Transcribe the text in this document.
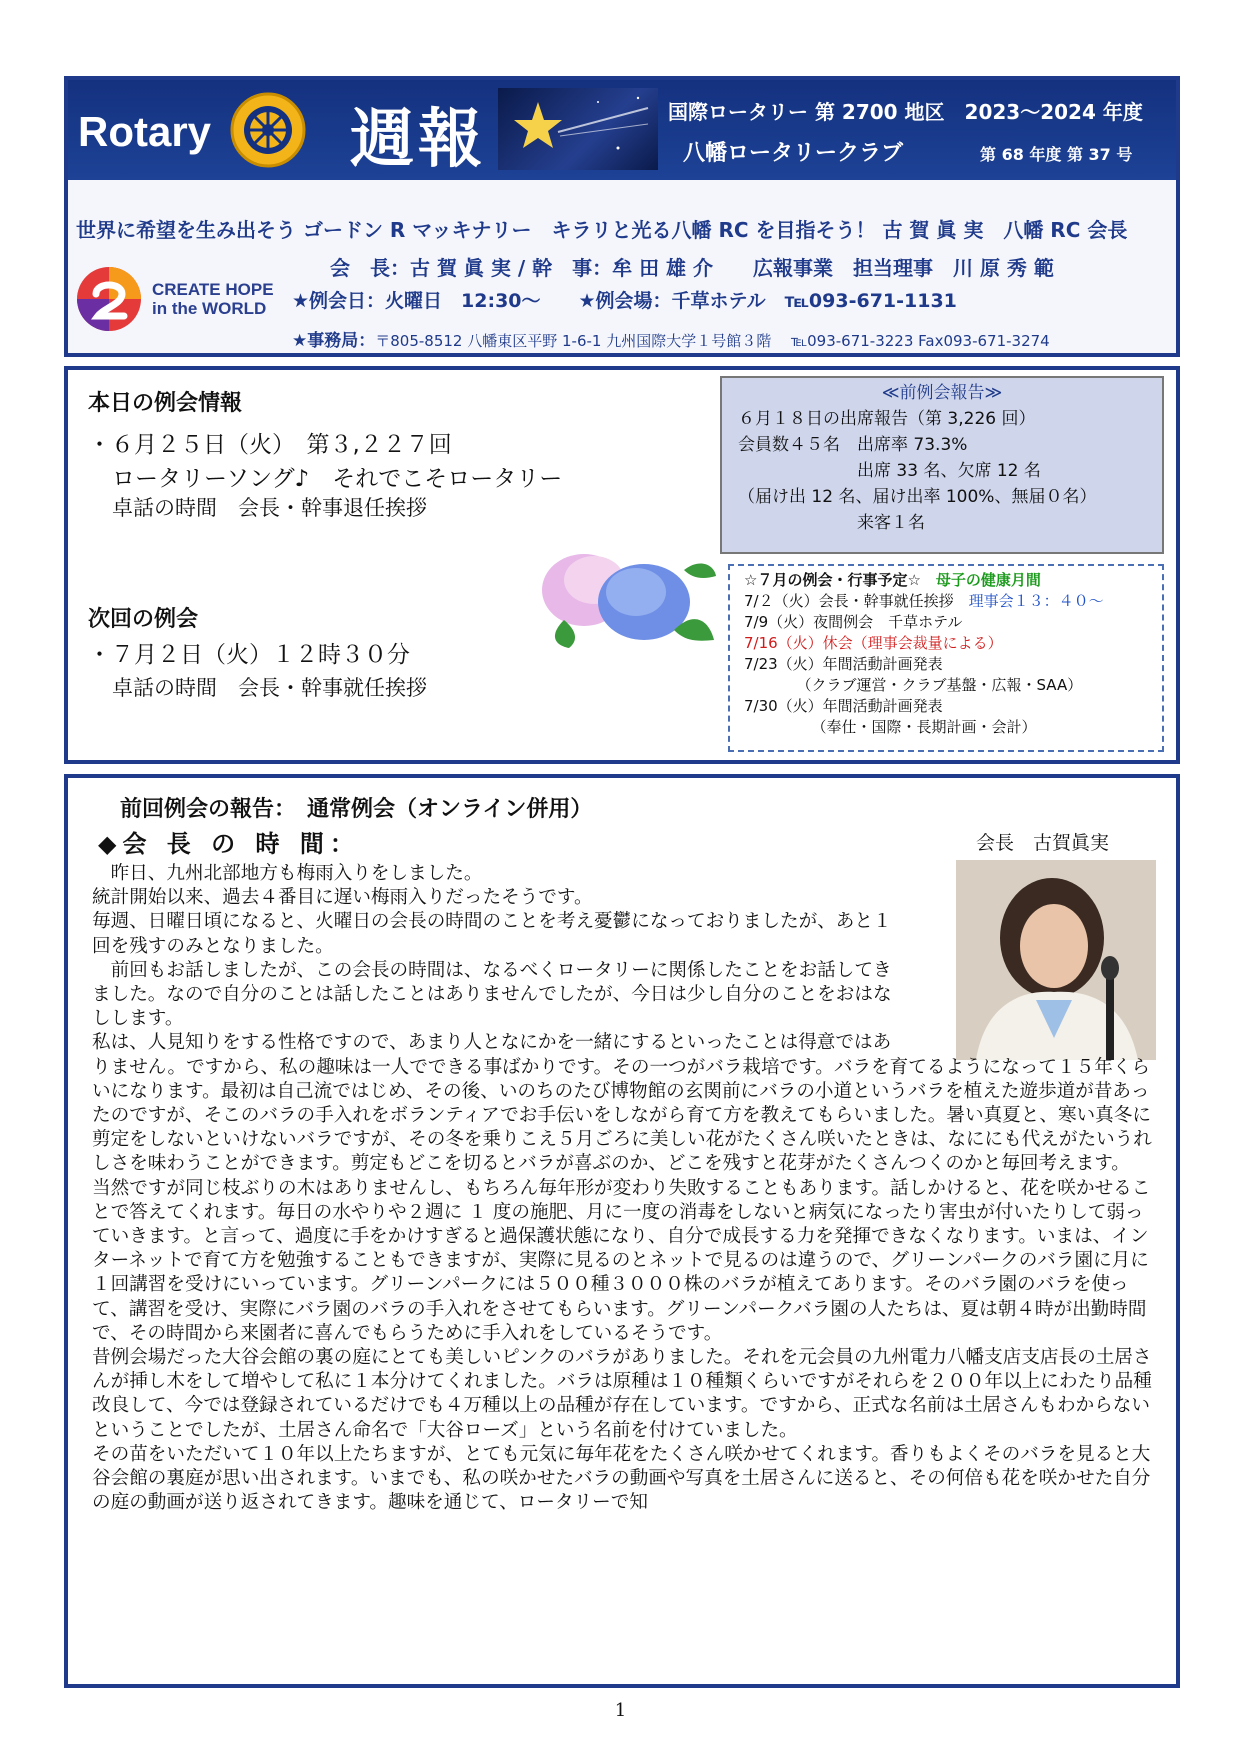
Rotary 週報	国際ロータリー 第 2700 地区　2023〜2024 年度
八幡ロータリークラブ	第 68 年度 第 37 号
世界に希望を生み出そう ゴードン R マッキナリー　キラリと光る八幡 RC を目指そう！ 古 賀 眞 実　八幡 RC 会長
CREATE HOPE
in the WORLD
会　長：古 賀 眞 実 / 幹　事：牟 田 雄 介　　広報事業　担当理事　川 原 秀 範
★例会日：火曜日　12:30〜　　★例会場：千草ホテル　℡093-671-1131
★事務局：〒805-8512 八幡東区平野 1-6-1 九州国際大学１号館３階　 ℡093-671-3223 Fax093-671-3274
本日の例会情報
・６月２５日（火）　第３,２２７回
ロータリーソング♪　それでこそロータリー
卓話の時間　会長・幹事退任挨拶
次回の例会
・７月２日（火）１２時３０分
卓話の時間　会長・幹事就任挨拶
≪前例会報告≫
６月１８日の出席報告（第 3,226 回）
会員数４５名　出席率 73.3%
　　　　　　　出席 33 名、欠席 12 名
（届け出 12 名、届け出率 100%、無届０名）
　　　　　　　来客１名
☆７月の例会・行事予定☆　 母子の健康月間
7/２（火）会長・幹事就任挨拶　 理事会１３：４０〜
7/9（火）夜間例会　千草ホテル
7/16（火）休会（理事会裁量による）
7/23（火）年間活動計画発表
　　　　（クラブ運営・クラブ基盤・広報・SAA）
7/30（火）年間活動計画発表
　　　　　（奉仕・国際・長期計画・会計）
前回例会の報告：　通常例会（オンライン併用）
◆会 長 の 時 間：	会長　古賀眞実

昨日、九州北部地方も梅雨入りをしました。

統計開始以来、過去４番目に遅い梅雨入りだったそうです。

毎週、日曜日頃になると、火曜日の会長の時間のことを考え憂鬱になっておりましたが、あと１回を残すのみとなりました。

前回もお話しましたが、この会長の時間は、なるべくロータリーに関係したことをお話してきました。なので自分のことは話したことはありませんでしたが、今日は少し自分のことをおはなしします。

私は、人見知りをする性格ですので、あまり人となにかを一緒にするといったことは得意ではありません。ですから、私の趣味は一人でできる事ばかりです。その一つがバラ栽培です。バラを育てるようになって１５年くらいになります。最初は自己流ではじめ、その後、いのちのたび博物館の玄関前にバラの小道というバラを植えた遊歩道が昔あったのですが、そこのバラの手入れをボランティアでお手伝いをしながら育て方を教えてもらいました。暑い真夏と、寒い真冬に剪定をしないといけないバラですが、その冬を乗りこえ５月ごろに美しい花がたくさん咲いたときは、なににも代えがたいうれしさを味わうことができます。剪定もどこを切るとバラが喜ぶのか、どこを残すと花芽がたくさんつくのかと毎回考えます。

当然ですが同じ枝ぶりの木はありませんし、もちろん毎年形が変わり失敗することもあります。話しかけると、花を咲かせることで答えてくれます。毎日の水やりや２週に １ 度の施肥、月に一度の消毒をしないと病気になったり害虫が付いたりして弱っていきます。と言って、過度に手をかけすぎると過保護状態になり、自分で成長する力を発揮できなくなります。いまは、インターネットで育て方を勉強することもできますが、実際に見るのとネットで見るのは違うので、グリーンパークのバラ園に月に１回講習を受けにいっています。グリーンパークには５００種３０００株のバラが植えてあります。そのバラ園のバラを使って、講習を受け、実際にバラ園のバラの手入れをさせてもらいます。グリーンパークバラ園の人たちは、夏は朝４時が出勤時間で、その時間から来園者に喜んでもらうために手入れをしているそうです。

昔例会場だった大谷会館の裏の庭にとても美しいピンクのバラがありました。それを元会員の九州電力八幡支店支店長の土居さんが挿し木をして増やして私に１本分けてくれました。バラは原種は１０種類くらいですがそれらを２００年以上にわたり品種改良して、今では登録されているだけでも４万種以上の品種が存在しています。ですから、正式な名前は土居さんもわからないということでしたが、土居さん命名で「大谷ローズ」という名前を付けていました。

その苗をいただいて１０年以上たちますが、とても元気に毎年花をたくさん咲かせてくれます。香りもよくそのバラを見ると大谷会館の裏庭が思い出されます。いまでも、私の咲かせたバラの動画や写真を土居さんに送ると、その何倍も花を咲かせた自分の庭の動画が送り返されてきます。趣味を通じて、ロータリーで知

1
